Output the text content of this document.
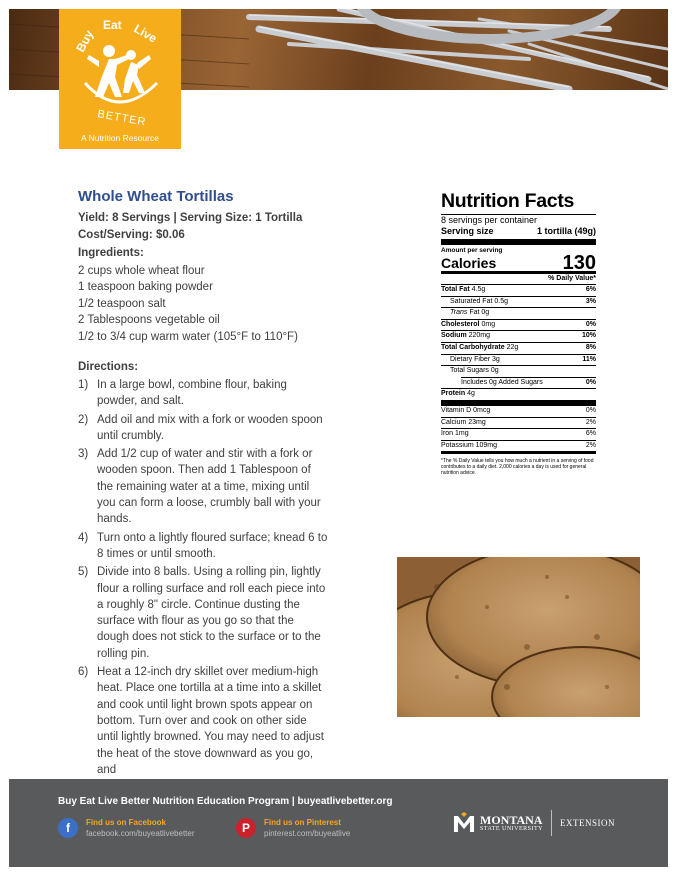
Buy
Eat Live
BETTER
A Nutrition Resource
Whole Wheat Tortillas
Yield: 8 Servings | Serving Size: 1 Tortilla
Cost/Serving: $0.06
Ingredients:
2 cups whole wheat flour
1 teaspoon baking powder
1/2 teaspoon salt
2 Tablespoons vegetable oil
1/2 to 3/4 cup warm water (105°F to 110°F)
Directions:
1) In a large bowl, combine flour, baking powder, and salt.
2) Add oil and mix with a fork or wooden spoon until crumbly.
3) Add 1/2 cup of water and stir with a fork or wooden spoon. Then add 1 Tablespoon of the remaining water at a time, mixing until you can form a loose, crumbly ball with your hands.
4) Turn onto a lightly floured surface; knead 6 to 8 times or until smooth.
5) Divide into 8 balls. Using a rolling pin, lightly flour a rolling surface and roll each piece into a roughly 8" circle. Continue dusting the surface with flour as you go so that the dough does not stick to the surface or to the rolling pin.
6) Heat a 12-inch dry skillet over medium-high heat. Place one tortilla at a time into a skillet and cook until light brown spots appear on bottom. Turn over and cook on other side until lightly browned. You may need to adjust the heat of the stove downward as you go, and
Nutrition Facts
8 servings per container
Serving size	1 tortilla (49g)
Amount per serving
Calories	130
% Daily Value*
Total Fat 4.5g	6%
Saturated Fat 0.5g	3%
Trans Fat 0g
Cholesterol 0mg	0%
Sodium 220mg	10%
Total Carbohydrate 22g	8%
Dietary Fiber 3g	11%
Total Sugars 0g
Includes 0g Added Sugars	0%
Protein 4g
Vitamin D 0mcg	0%
Calcium 23mg	2%
Iron 1mg	6%
Potassium 109mg	2%
*The % Daily Value tells you how much a nutrient in a serving of food contributes to a daily diet. 2,000 calories a day is used for general nutrition advice.
Buy Eat Live Better Nutrition Education Program | buyeatlivebetter.org
f	Find us on Facebook
facebook.com/buyeatlivebetter	P	Find us on Pinterest
pinterest.com/buyeatlive
MONTANA
STATE UNIVERSITY
EXTENSION
